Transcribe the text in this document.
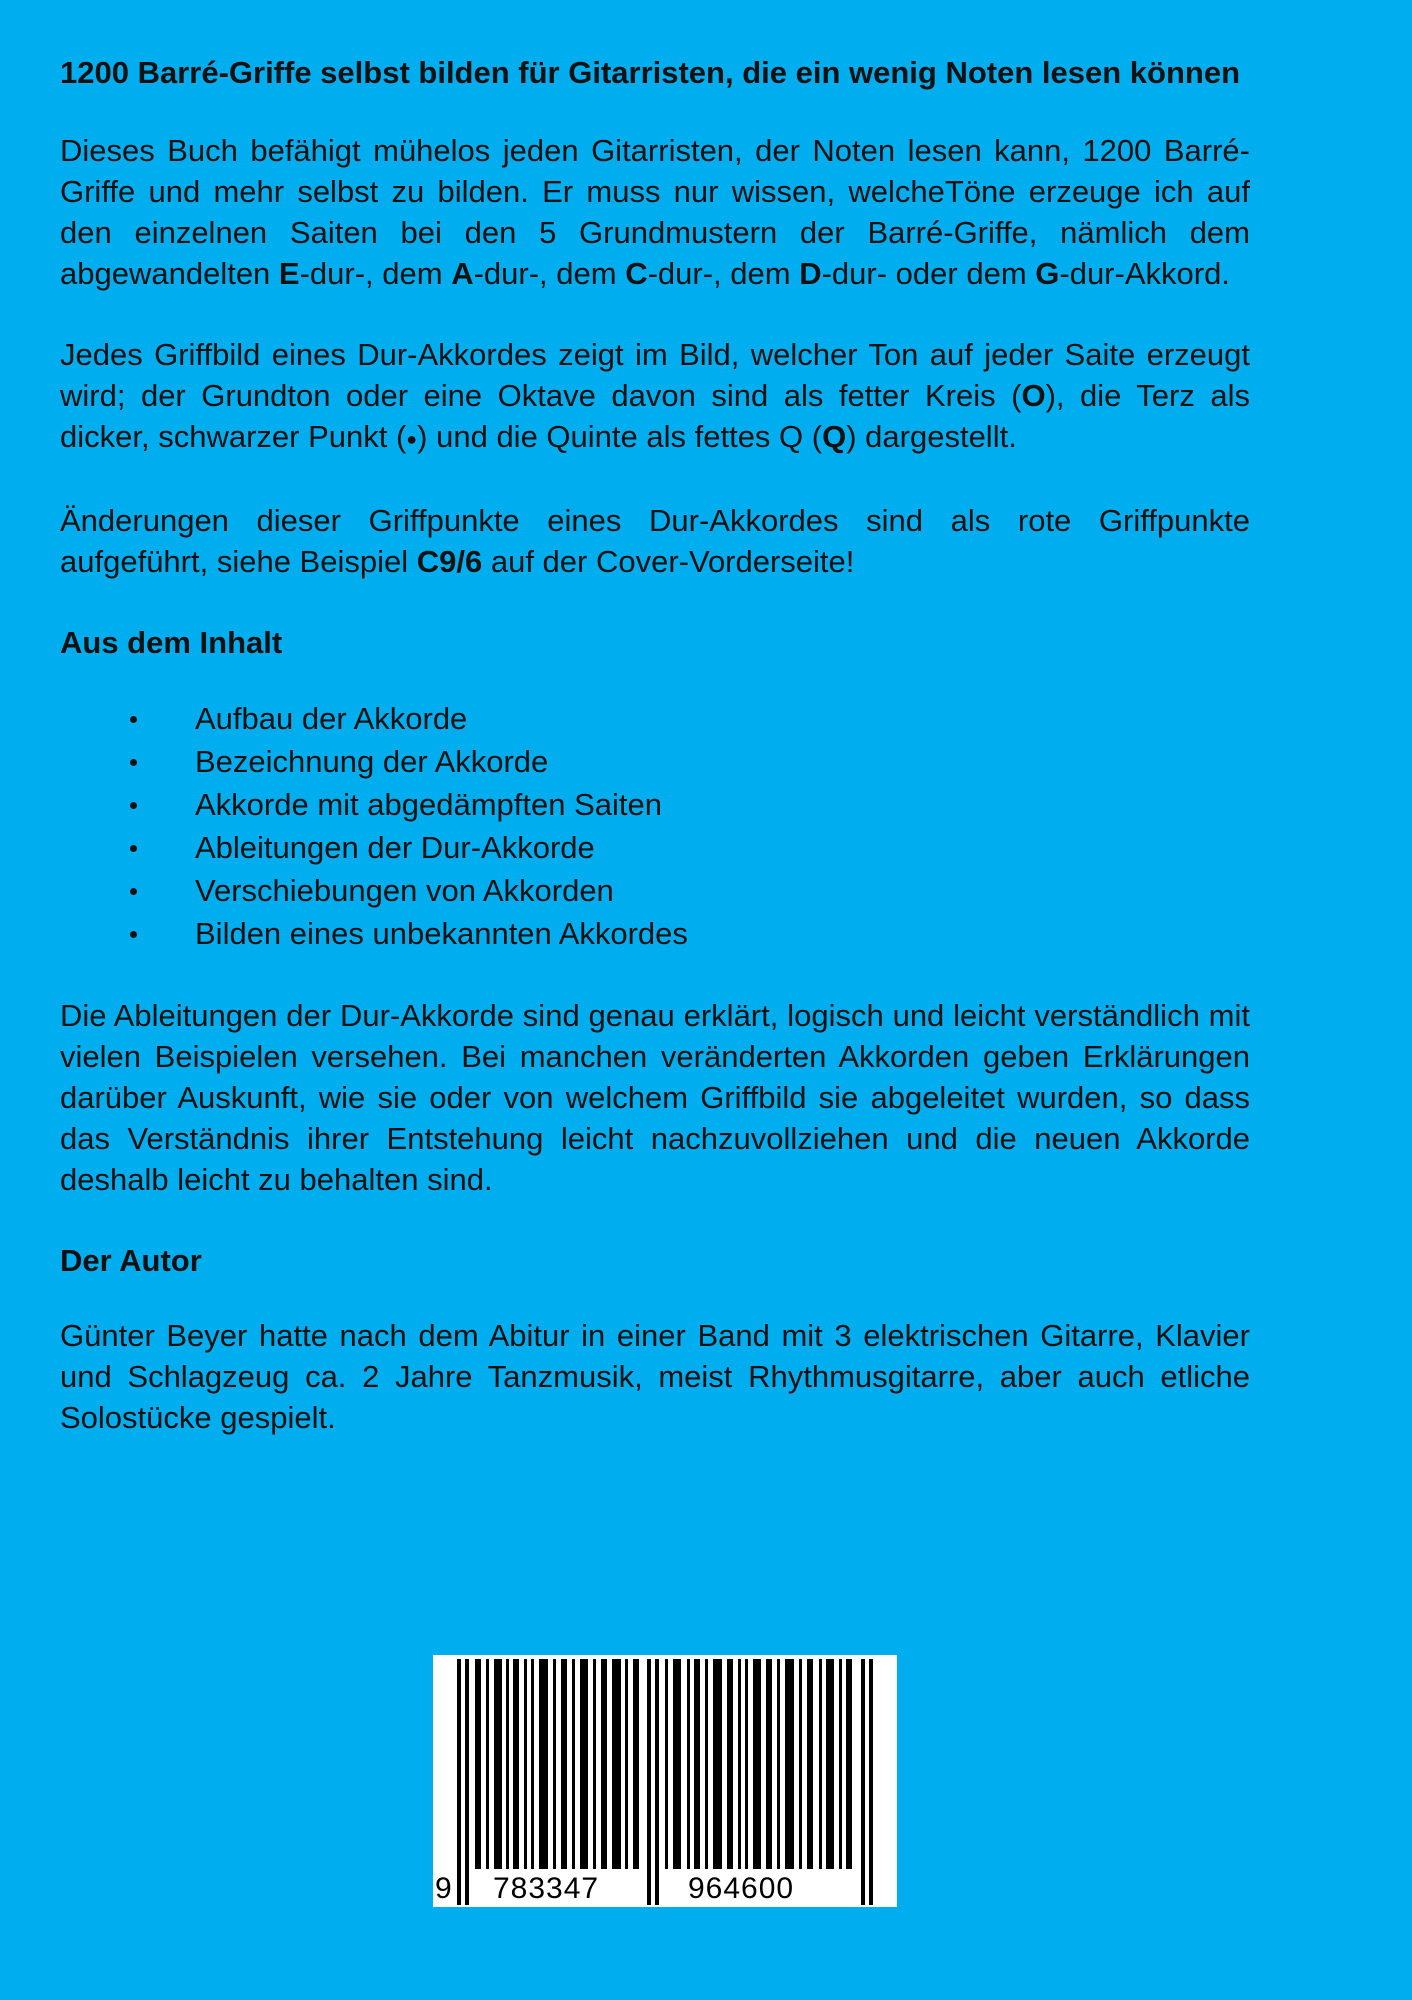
1200 Barré-Griffe selbst bilden für Gitarristen, die ein wenig Noten lesen können
Dieses Buch befähigt mühelos jeden Gitarristen, der Noten lesen kann, 1200 Barré-Griffe und mehr selbst zu bilden. Er muss nur wissen, welcheTöne erzeuge ich auf den einzelnen Saiten bei den 5 Grundmustern der Barré-Griffe, nämlich dem abgewandelten E-dur-, dem A-dur-, dem C-dur-, dem D-dur- oder dem G-dur-Akkord.
Jedes Griffbild eines Dur-Akkordes zeigt im Bild, welcher Ton auf jeder Saite erzeugt wird; der Grundton oder eine Oktave davon sind als fetter Kreis (O), die Terz als dicker, schwarzer Punkt (●) und die Quinte als fettes Q (Q) dargestellt.
Änderungen dieser Griffpunkte eines Dur-Akkordes sind als rote Griffpunkte aufgeführt, siehe Beispiel C9/6 auf der Cover-Vorderseite!
Aus dem Inhalt
Aufbau der Akkorde
Bezeichnung der Akkorde
Akkorde mit abgedämpften Saiten
Ableitungen der Dur-Akkorde
Verschiebungen von Akkorden
Bilden eines unbekannten Akkordes
Die Ableitungen der Dur-Akkorde sind genau erklärt, logisch und leicht verständlich mit vielen Beispielen versehen. Bei manchen veränderten Akkorden geben Erklärungen darüber Auskunft, wie sie oder von welchem Griffbild sie abgeleitet wurden, so dass das Verständnis ihrer Entstehung leicht nachzuvollziehen und die neuen Akkorde deshalb leicht zu behalten sind.
Der Autor
Günter Beyer hatte nach dem Abitur in einer Band mit 3 elektrischen Gitarre, Klavier und Schlagzeug ca. 2 Jahre Tanzmusik, meist Rhythmusgitarre, aber auch etliche Solostücke gespielt.
9 783347	964600
